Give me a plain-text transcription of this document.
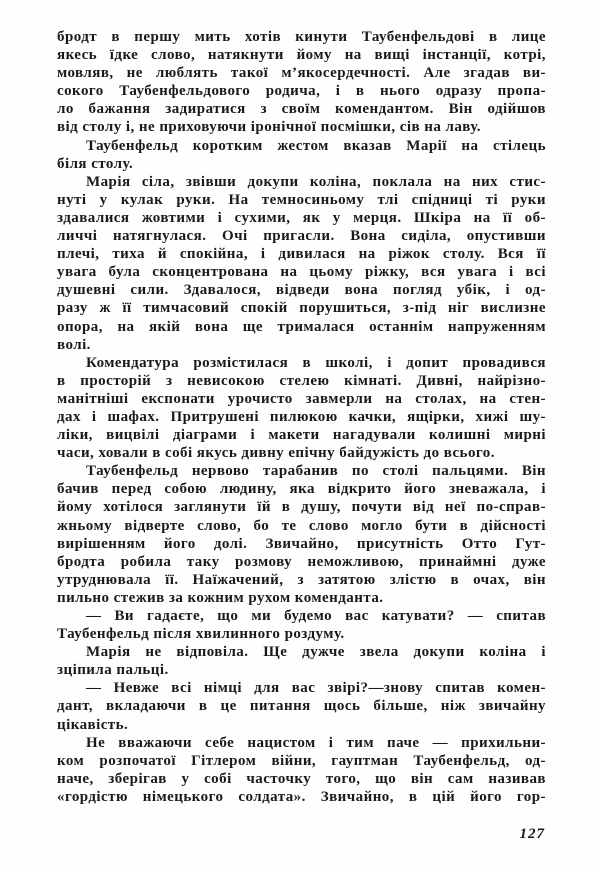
бродт в першу мить хотів кинути Таубенфельдові в лице
якесь їдке слово, натякнути йому на вищі інстанції, котрі,
мовляв, не люблять такої м’якосердечності. Але згадав ви-
сокого Таубенфельдового родича, і в нього одразу пропа-
ло бажання задиратися з своїм комендантом. Він одійшов
від столу і, не приховуючи іронічної посмішки, сів на лаву.
Таубенфельд коротким жестом вказав Марії на стілець
біля столу.
Марія сіла, звівши докупи коліна, поклала на них стис-
нуті у кулак руки. На темносиньому тлі спідниці ті руки
здавалися жовтими і сухими, як у мерця. Шкіра на її об-
личчі натягнулася. Очі пригасли. Вона сиділа, опустивши
плечі, тиха й спокійна, і дивилася на ріжок столу. Вся її
увага була сконцентрована на цьому ріжку, вся увага і всі
душевні сили. Здавалося, відведи вона погляд убік, і од-
разу ж її тимчасовий спокій порушиться, з-під ніг вислизне
опора, на якій вона ще трималася останнім напруженням
волі.
Комендатура розмістилася в школі, і допит провадився
в просторій з невисокою стелею кімнаті. Дивні, найрізно-
манітніші експонати урочисто завмерли на столах, на стен-
дах і шафах. Притрушені пилюкою качки, ящірки, хижі шу-
ліки, вицвілі діаграми і макети нагадували колишні мирні
часи, ховали в собі якусь дивну епічну байдужість до всього.
Таубенфельд нервово тарабанив по столі пальцями. Він
бачив перед собою людину, яка відкрито його зневажала, і
йому хотілося заглянути їй в душу, почути від неї по-справ-
жньому відверте слово, бо те слово могло бути в дійсності
вирішенням його долі. Звичайно, присутність Отто Гут-
бродта робила таку розмову неможливою, принаймні дуже
утруднювала її. Наїжачений, з затятою злістю в очах, він
пильно стежив за кожним рухом коменданта.
— Ви гадаєте, що ми будемо вас катувати? — спитав
Таубенфельд після хвилинного роздуму.
Марія не відповіла. Ще дужче звела докупи коліна і
зціпила пальці.
— Невже всі німці для вас звірі?—знову спитав комен-
дант, вкладаючи в це питання щось більше, ніж звичайну
цікавість.
Не вважаючи себе нацистом і тим паче — прихильни-
ком розпочатої Гітлером війни, гауптман Таубенфельд, од-
наче, зберігав у собі часточку того, що він сам називав
«гордістю німецького солдата». Звичайно, в цій його гор-
127
